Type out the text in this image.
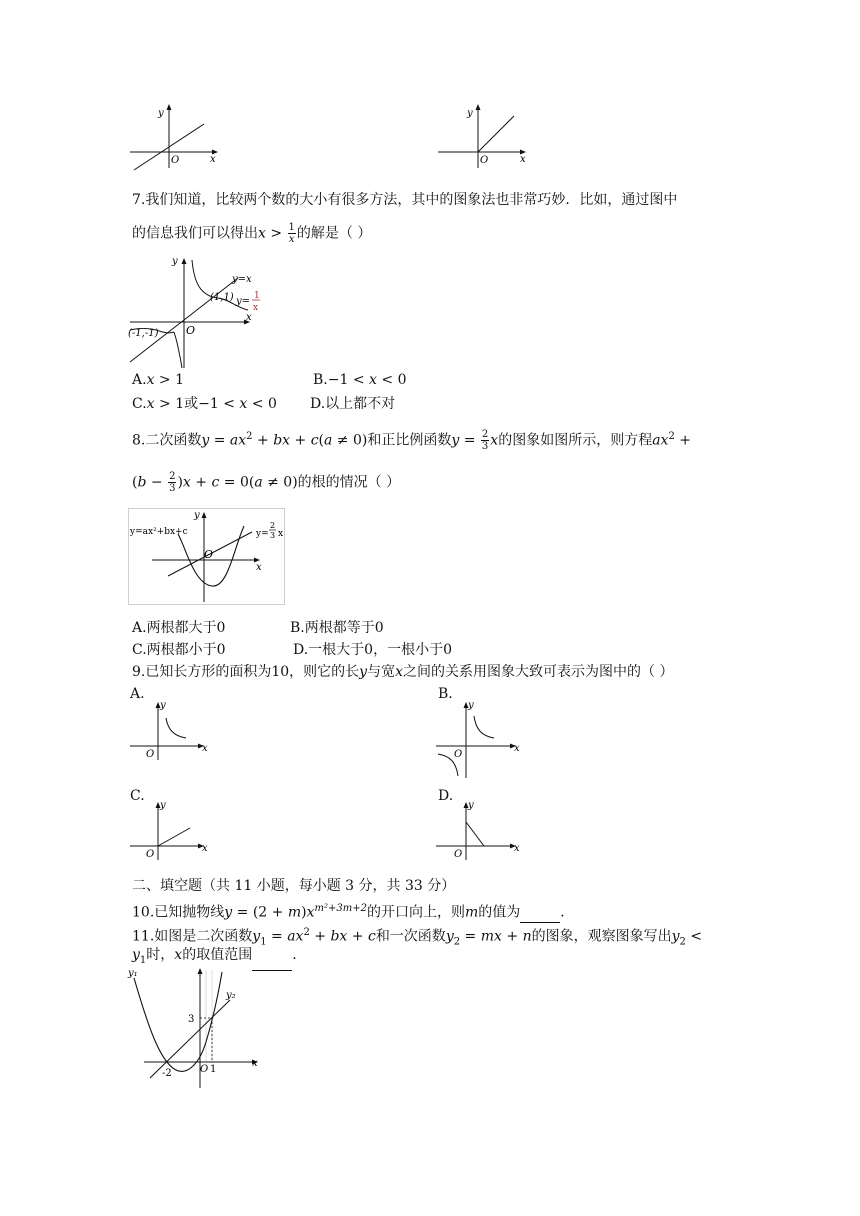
y
x
O
y
x
O
7.我们知道，比较两个数的大小有很多方法，其中的图象法也非常巧妙．比如，通过图中
的信息我们可以得出$x > \frac{1}{x}$ 的解是（ ）
y
x
O
y=x
(1,1) y= 1
x
(-1,-1)
A.x > 1	B.−1 < x < 0
C.x > 1或−1 < x < 0 D.以上都不对
8.二次函数$y = ax^2$ + bx + c(a ≠ 0)和正比例函数$y = \frac{2}{3}$ x的图象如图所示，则方程$ax^2$ +
$(b - \frac{2}{3} )x + c = 0(a \ne 0)$的根的情况（ ）
y
x
O
y=ax²+bx+c	y=
2
3 x
A.两根都大于0	B.两根都等于0
C.两根都小于0	D.一根大于0，一根小于0
9.已知长方形的面积为10，则它的长y与宽x之间的关系用图象大致可表示为图中的（ ）
A.	B.
y
x
O
y
x
O
C.	D.
y
x
O
y
x
O
二、填空题（共 11 小题，每小题 3 分，共 33 分）
10.已知抛物线$y = (2 + m)x^{m^2+3m+2}$的开口向上，则m的值为	.
11.如图是二次函数$y_1 = ax^2$ + bx + c和一次函数$y_2$ = mx + n的图象，观察图象写出$y_2$ <
$y_1$时，x的取值范围	.
y₁
y₂
3
-2	O 1
x
